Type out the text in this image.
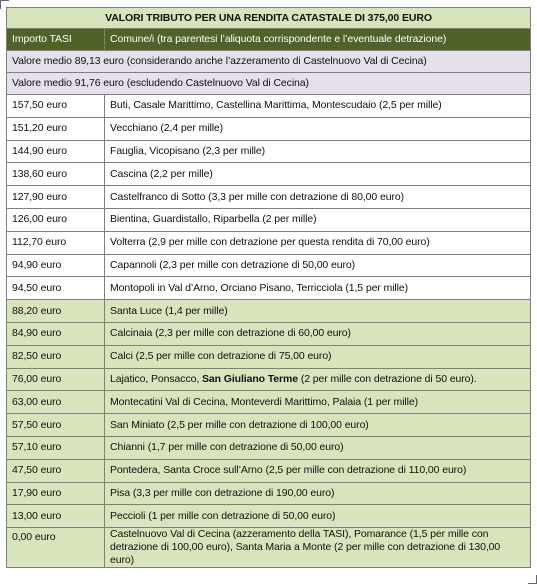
VALORI TRIBUTO PER UNA RENDITA CATASTALE DI 375,00 EURO	
Importo TASI	Comune/i (tra parentesi l’aliquota corrispondente e l’eventuale detrazione)
Valore medio 89,13 euro (considerando anche l’azzeramento di Castelnuovo Val di Cecina)	
Valore medio 91,76 euro (escludendo Castelnuovo Val di Cecina)	
157,50 euro	Buti, Casale Marittimo, Castellina Marittima, Montescudaio (2,5 per mille)
151,20 euro	Vecchiano (2,4 per mille)
144,90 euro	Fauglia, Vicopisano (2,3 per mille)
138,60 euro	Cascina (2,2 per mille)
127,90 euro	Castelfranco di Sotto (3,3 per mille con detrazione di 80,00 euro)
126,00 euro	Bientina, Guardistallo, Riparbella (2 per mille)
112,70 euro	Volterra (2,9 per mille con detrazione per questa rendita di 70,00 euro)
94,90 euro	Capannoli (2,3 per mille con detrazione di 50,00 euro)
94,50 euro	Montopoli in Val d’Arno, Orciano Pisano, Terricciola (1,5 per mille)
88,20 euro	Santa Luce (1,4 per mille)
84,90 euro	Calcinaia (2,3 per mille con detrazione di 60,00 euro)
82,50 euro	Calci (2,5 per mille con detrazione di 75,00 euro)
76,00 euro	Lajatico, Ponsacco, San Giuliano Terme (2 per mille con detrazione di 50 euro).
63,00 euro	Montecatini Val di Cecina, Monteverdi Marittimo, Palaia (1 per mille)
57,50 euro	San Miniato (2,5 per mille con detrazione di 100,00 euro)
57,10 euro	Chianni (1,7 per mille con detrazione di 50,00 euro)
47,50 euro	Pontedera, Santa Croce sull’Arno (2,5 per mille con detrazione di 110,00 euro)
17,90 euro	Pisa (3,3 per mille con detrazione di 190,00 euro)
13,00 euro	Peccioli (1 per mille con detrazione di 50,00 euro)
0,00 euro	Castelnuovo Val di Cecina (azzeramento della TASI), Pomarance (1,5 per mille con detrazione di 100,00 euro), Santa Maria a Monte (2 per mille con detrazione di 130,00 euro)
